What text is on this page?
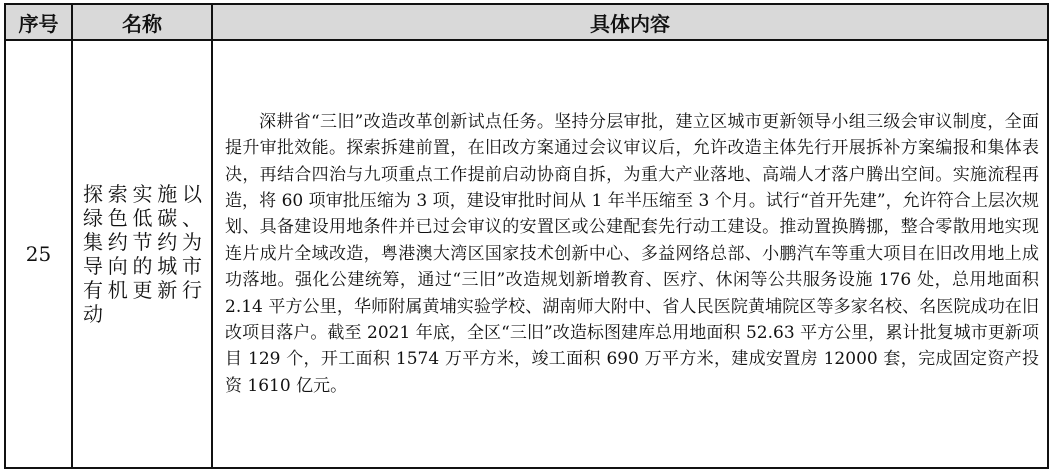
序号	名称	具体内容
25	探索实施以绿色低碳、集约节约为导向的城市有机更新行动	深耕省“三旧”改造改革创新试点任务。坚持分层审批，建立区城市更新领导小组三级会审议制度，全面提升审批效能。探索拆建前置，在旧改方案通过会议审议后，允许改造主体先行开展拆补方案编报和集体表决，再结合四治与九项重点工作提前启动协商自拆，为重大产业落地、高端人才落户腾出空间。实施流程再造，将 60 项审批压缩为 3 项，建设审批时间从 1 年半压缩至 3 个月。试行“首开先建”，允许符合上层次规划、具备建设用地条件并已过会审议的安置区或公建配套先行动工建设。推动置换腾挪，整合零散用地实现连片成片全域改造，粤港澳大湾区国家技术创新中心、多益网络总部、小鹏汽车等重大项目在旧改用地上成功落地。强化公建统筹，通过“三旧”改造规划新增教育、医疗、休闲等公共服务设施 176 处，总用地面积 2.14 平方公里，华师附属黄埔实验学校、湖南师大附中、省人民医院黄埔院区等多家名校、名医院成功在旧改项目落户。截至 2021 年底，全区“三旧”改造标图建库总用地面积 52.63 平方公里，累计批复城市更新项目 129 个，开工面积 1574 万平方米，竣工面积 690 万平方米，建成安置房 12000 套，完成固定资产投资 1610 亿元。
